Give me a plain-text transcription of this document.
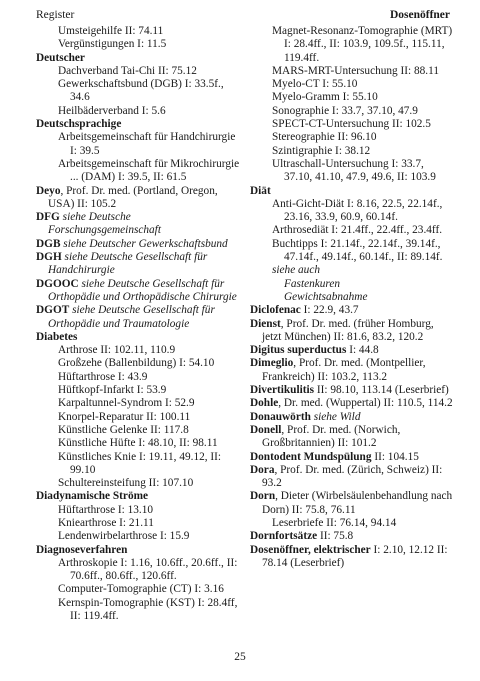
Register	Dosenöffner
Umsteigehilfe II: 74.11
Vergünstigungen I: 11.5
Deutscher
Dachverband Tai-Chi II: 75.12
Gewerkschaftsbund (DGB) I: 33.5f., 34.6
Heilbäderverband I: 5.6
Deutschsprachige
Arbeitsgemeinschaft für Handchirurgie I: 39.5
Arbeitsgemeinschaft für Mikrochirurgie ... (DAM) I: 39.5, II: 61.5
Deyo, Prof. Dr. med. (Portland, Oregon, USA) II: 105.2
DFG siehe Deutsche Forschungsgemeinschaft
DGB siehe Deutscher Gewerkschaftsbund
DGH siehe Deutsche Gesellschaft für Handchirurgie
DGOOC siehe Deutsche Gesellschaft für Orthopädie und Orthopädische Chirurgie
DGOT siehe Deutsche Gesellschaft für Orthopädie und Traumatologie
Diabetes
Arthrose II: 102.11, 110.9
Großzehe (Ballenbildung) I: 54.10
Hüftarthrose I: 43.9
Hüftkopf-Infarkt I: 53.9
Karpaltunnel-Syndrom I: 52.9
Knorpel-Reparatur II: 100.11
Künstliche Gelenke II: 117.8
Künstliche Hüfte I: 48.10, II: 98.11
Künstliches Knie I: 19.11, 49.12, II: 99.10
Schultereinsteifung II: 107.10
Diadynamische Ströme
Hüftarthrose I: 13.10
Kniearthrose I: 21.11
Lendenwirbelarthrose I: 15.9
Diagnoseverfahren
Arthroskopie I: 1.16, 10.6ff., 20.6ff., II: 70.6ff., 80.6ff., 120.6ff.
Computer-Tomographie (CT) I: 3.16
Kernspin-Tomographie (KST) I: 28.4ff, II: 119.4ff.
Magnet-Resonanz-Tomographie (MRT) I: 28.4ff., II: 103.9, 109.5f., 115.11, 119.4ff.
MARS-MRT-Untersuchung II: 88.11
Myelo-CT I: 55.10
Myelo-Gramm I: 55.10
Sonographie I: 33.7, 37.10, 47.9
SPECT-CT-Untersuchung II: 102.5
Stereographie II: 96.10
Szintigraphie I: 38.12
Ultraschall-Untersuchung I: 33.7, 37.10, 41.10, 47.9, 49.6, II: 103.9
Diät
Anti-Gicht-Diät I: 8.16, 22.5, 22.14f., 23.16, 33.9, 60.9, 60.14f.
Arthrosediät I: 21.4ff., 22.4ff., 23.4ff.
Buchtipps I: 21.14f., 22.14f., 39.14f., 47.14f., 49.14f., 60.14f., II: 89.14f.
siehe auch
Fastenkuren
Gewichtsabnahme
Diclofenac I: 22.9, 43.7
Dienst, Prof. Dr. med. (früher Homburg, jetzt München) II: 81.6, 83.2, 120.2
Digitus superductus I: 44.8
Dimeglio, Prof. Dr. med. (Montpellier, Frankreich) II: 103.2, 113.2
Divertikulitis II: 98.10, 113.14 (Leserbrief)
Dohle, Dr. med. (Wuppertal) II: 110.5, 114.2
Donauwörth siehe Wild
Donell, Prof. Dr. med. (Norwich, Großbritannien) II: 101.2
Dontodent Mundspülung II: 104.15
Dora, Prof. Dr. med. (Zürich, Schweiz) II: 93.2
Dorn, Dieter (Wirbelsäulenbehandlung nach Dorn) II: 75.8, 76.11
Leserbriefe II: 76.14, 94.14
Dornfortsätze II: 75.8
Dosenöffner, elektrischer I: 2.10, 12.12 II: 78.14 (Leserbrief)
25
